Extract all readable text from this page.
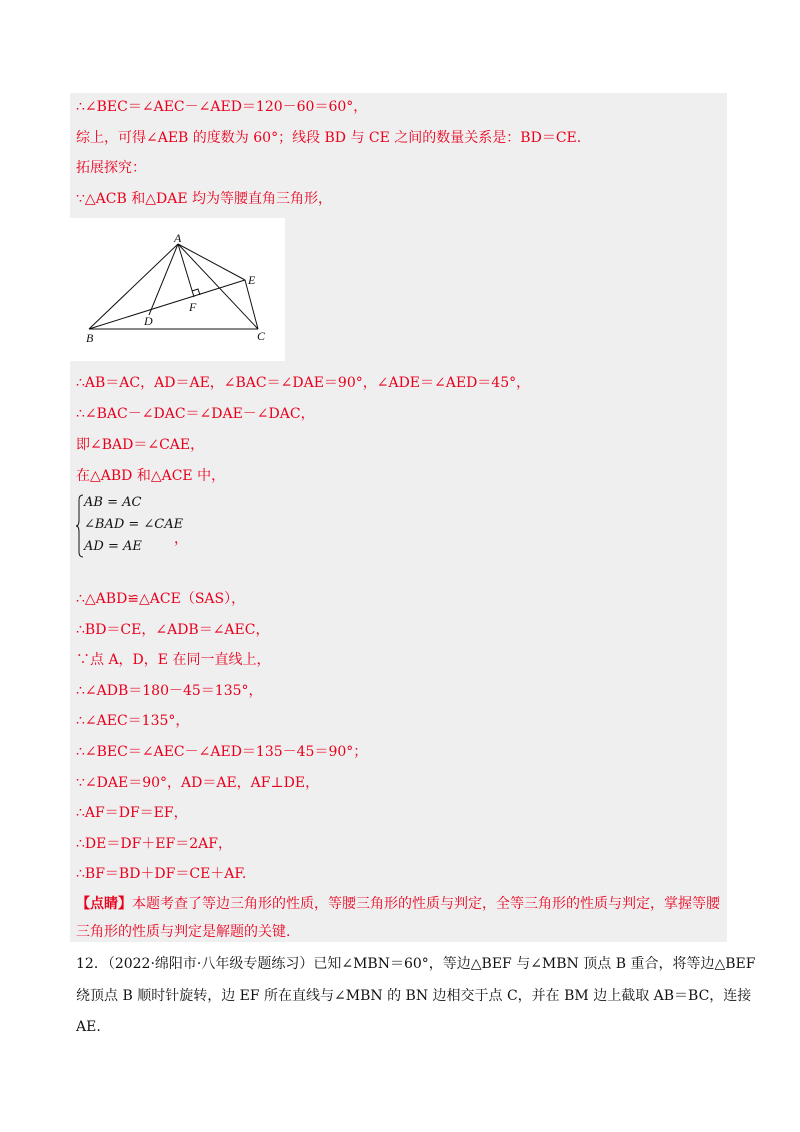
∴∠BEC＝∠AEC－∠AED＝120－60＝60°，
综上，可得∠AEB 的度数为 60°；线段 BD 与 CE 之间的数量关系是：BD＝CE.
拓展探究：
∵△ACB 和△DAE 均为等腰直角三角形，
A
B	C
D
E
F
∴AB＝AC，AD＝AE，∠BAC＝∠DAE＝90°，∠ADE＝∠AED＝45°，
∴∠BAC－∠DAC＝∠DAE－∠DAC，
即∠BAD＝∠CAE，
在△ABD 和△ACE 中，
AB = AC
∠BAD = ∠CAE
AD = AE ，
∴△ABD≌△ACE（SAS），
∴BD＝CE，∠ADB＝∠AEC，
∵点 A，D，E 在同一直线上，
∴∠ADB＝180－45＝135°，
∴∠AEC＝135°，
∴∠BEC＝∠AEC－∠AED＝135－45＝90°；
∵∠DAE＝90°，AD＝AE，AF⊥DE，
∴AF＝DF＝EF，
∴DE＝DF＋EF＝2AF，
∴BF＝BD＋DF＝CE＋AF.
【点睛】本题考查了等边三角形的性质，等腰三角形的性质与判定，全等三角形的性质与判定，掌握等腰
三角形的性质与判定是解题的关键.
12．（2022·绵阳市·八年级专题练习）已知∠MBN＝60°，等边△BEF 与∠MBN 顶点 B 重合，将等边△BEF
绕顶点 B 顺时针旋转，边 EF 所在直线与∠MBN 的 BN 边相交于点 C，并在 BM 边上截取 AB＝BC，连接
AE.
